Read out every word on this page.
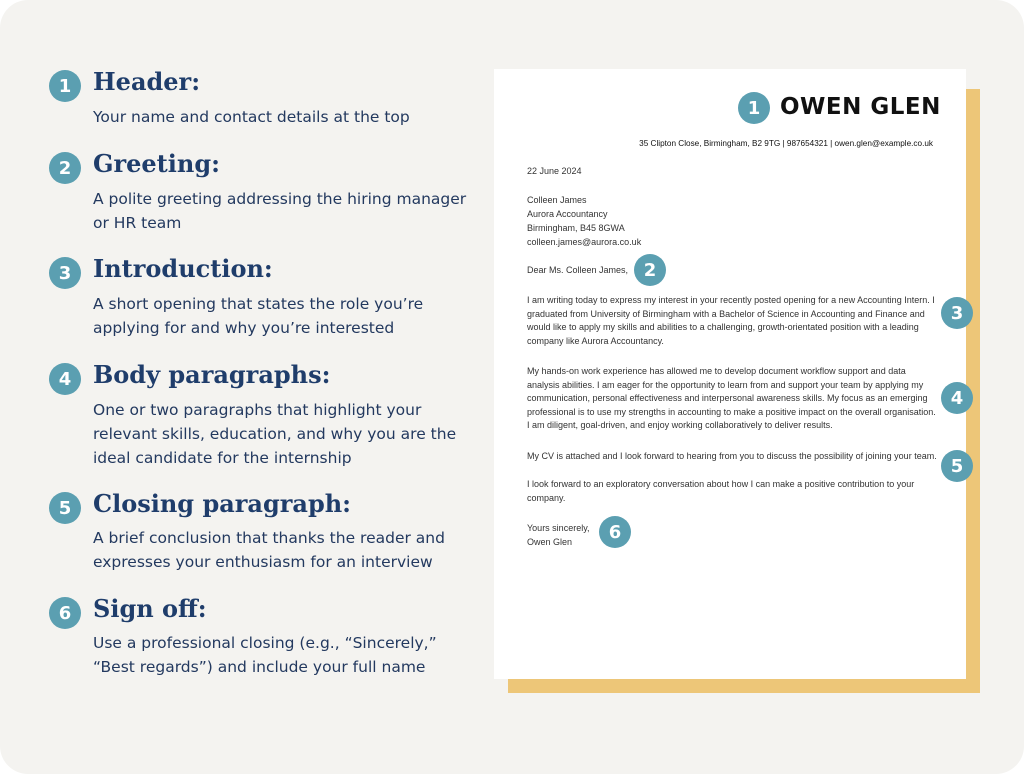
1 Header:
Your name and contact details at the top
2 Greeting:
A polite greeting addressing the hiring manager or HR team
3 Introduction:
A short opening that states the role you’re applying for and why you’re interested
4 Body paragraphs:
One or two paragraphs that highlight your relevant skills, education, and why you are the ideal candidate for the internship
5 Closing paragraph:
A brief conclusion that thanks the reader and expresses your enthusiasm for an interview
6 Sign off:
Use a professional closing (e.g., “Sincerely,” “Best regards”) and include your full name
1 OWEN GLEN
35 Clipton Close, Birmingham, B2 9TG | 987654321 | owen.glen@example.co.uk
22 June 2024
Colleen James
Aurora Accountancy
Birmingham, B45 8GWA
colleen.james@aurora.co.uk
Dear Ms. Colleen James, 2

I am writing today to express my interest in your recently posted opening for a new Accounting Intern. I graduated from University of Birmingham with a Bachelor of Science in Accounting and Finance and would like to apply my skills and abilities to a challenging, growth-orientated position with a leading company like Aurora Accountancy.

3

My hands-on work experience has allowed me to develop document workflow support and data analysis abilities. I am eager for the opportunity to learn from and support your team by applying my communication, personal effectiveness and interpersonal awareness skills. My focus as an emerging professional is to use my strengths in accounting to make a positive impact on the overall organisation. I am diligent, goal-driven, and enjoy working collaboratively to deliver results.

4

My CV is attached and I look forward to hearing from you to discuss the possibility of joining your team.

I look forward to an exploratory conversation about how I can make a positive contribution to your company.

5
Yours sincerely,
Owen Glen	6
